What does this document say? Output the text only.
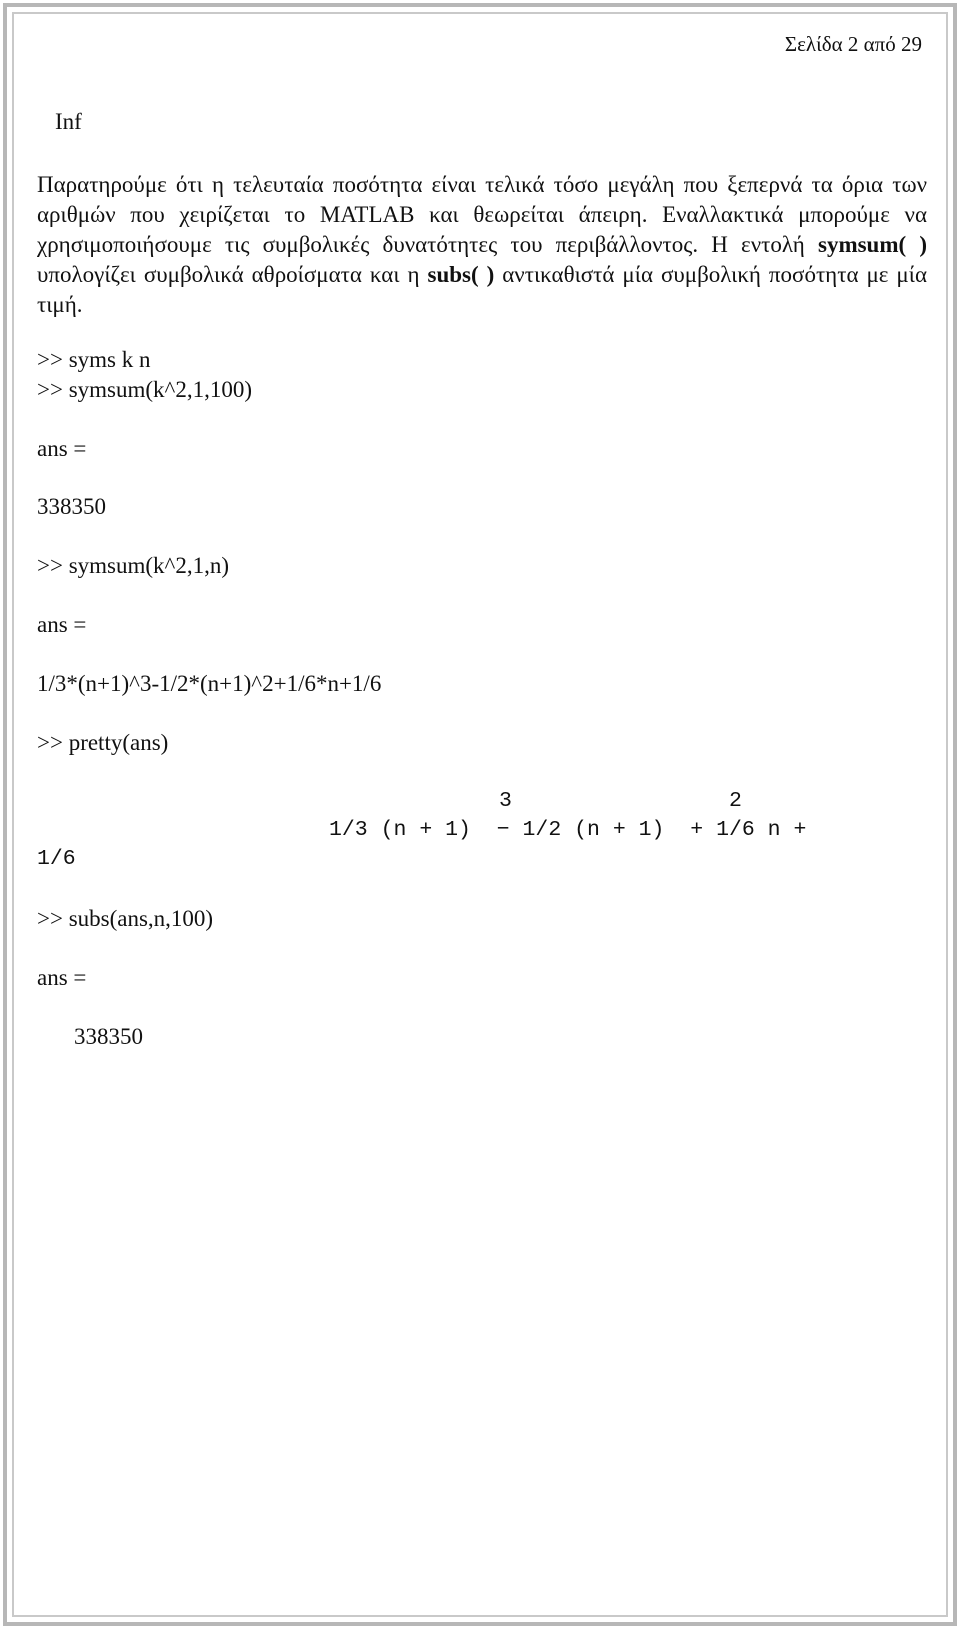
Σελίδα 2 από 29
Inf
Παρατηρούμε ότι η τελευταία ποσότητα είναι τελικά τόσο μεγάλη που ξεπερνά τα όρια των αριθμών που χειρίζεται το MATLAB και θεωρείται άπειρη. Εναλλακτικά μπορούμε να χρησιμοποιήσουμε τις συμβολικές δυνατότητες του περιβάλλοντος. Η εντολή symsum( ) υπολογίζει συμβολικά αθροίσματα και η subs( ) αντικαθιστά μία συμβολική ποσότητα με μία τιμή.
>> syms k n
>> symsum(k^2,1,100)
ans =
338350
>> symsum(k^2,1,n)
ans =
1/3*(n+1)^3-1/2*(n+1)^2+1/6*n+1/6
>> pretty(ans)
3	2
1/3 (n + 1)  − 1/2 (n + 1)  + 1/6 n +
1/6
>> subs(ans,n,100)
ans =
338350
